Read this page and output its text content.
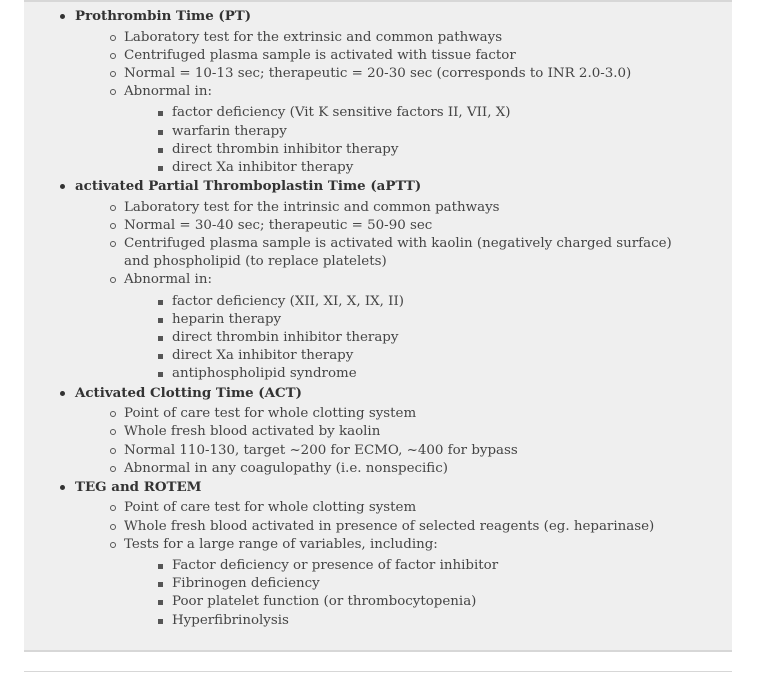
Prothrombin Time (PT)
Laboratory test for the extrinsic and common pathways
Centrifuged plasma sample is activated with tissue factor
Normal = 10-13 sec; therapeutic = 20-30 sec (corresponds to INR 2.0-3.0)
Abnormal in:
factor deficiency (Vit K sensitive factors II, VII, X)
warfarin therapy
direct thrombin inhibitor therapy
direct Xa inhibitor therapy
activated Partial Thromboplastin Time (aPTT)
Laboratory test for the intrinsic and common pathways
Normal = 30-40 sec; therapeutic = 50-90 sec
Centrifuged plasma sample is activated with kaolin (negatively charged surface) and phospholipid (to replace platelets)
Abnormal in:
factor deficiency (XII, XI, X, IX, II)
heparin therapy
direct thrombin inhibitor therapy
direct Xa inhibitor therapy
antiphospholipid syndrome
Activated Clotting Time (ACT)
Point of care test for whole clotting system
Whole fresh blood activated by kaolin
Normal 110-130, target ~200 for ECMO, ~400 for bypass
Abnormal in any coagulopathy (i.e. nonspecific)
TEG and ROTEM
Point of care test for whole clotting system
Whole fresh blood activated in presence of selected reagents (eg. heparinase)
Tests for a large range of variables, including:
Factor deficiency or presence of factor inhibitor
Fibrinogen deficiency
Poor platelet function (or thrombocytopenia)
Hyperfibrinolysis
